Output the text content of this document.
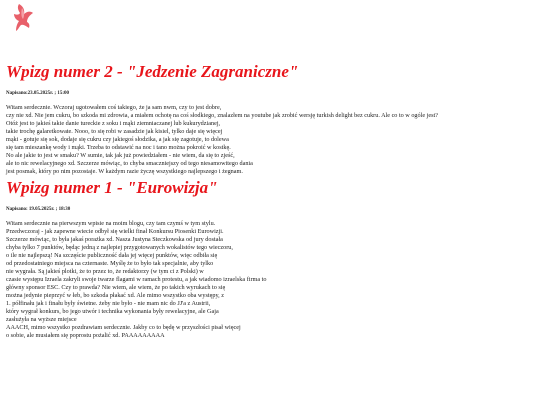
Wpizg numer 2 - "Jedzenie Zagraniczne"

Napisano:23.05.2025r. ; 15:00

Witam serdecznie. Wczoraj ugotowałem coś takiego, że ja sam nwm, czy to jest dobre,
czy nie xd. Nie jem cukru, bo szkoda mi zdrowia, a miałem ochotę na coś słodkiego, znalazłem na youtube jak zrobić wersję turkish delight bez cukru. Ale co to w ogóle jest?
Otóż jest to jakieś takie danie tureckie z soku i mąki ziemniaczanej lub kukurydzianej,
takie trochę galaretkowate. Nooo, to się robi w zasadzie jak kisiel, tylko daje się więcej
mąki - gotuje się sok, dodaje się cukru czy jakiegoś słodzika, a jak się zagotuje, to dolewa
się tam mieszankę wody i mąki. Trzeba to odstawić na noc i tano można pokroić w kostkę.
No ale jakie to jest w smaku? W sumie, tak jak już powiedziałem - nie wiem, da się to zjeść,
ale to nic rewelacyjnego xd. Szczerze mówiąc, to chyba smaczniejszy od tego niesamowitego dania
jest posmak, który po nim pozostaje. W każdym razie życzę wszystkiego najlepszego i żegnam.
Wpizg numer 1 - "Eurowizja"

Napisano: 19.05.2025r. ; 18:30

Witam serdecznie na pierwszym wpisie na moim blogu, czy tam czymś w tym stylu.
Przedwczoraj - jak zapewne wiecie odbył się wielki finał Konkursu Piosenki Eurowizji.
Szczerze mówiąc, to była jakaś porażka xd. Nasza Justyna Steczkowska od jury dostała
chyba tylko 7 punktów, będąc jedną z najlepiej przygotowanych wokalistów tego wieczoru,
o ile nie najlepszą! Na szczęście publiczność dała jej więcej punktów, więc odbiła się
od przedostatniego miejsca na czternaste. Myślę że to było tak specjalnie, aby tylko
nie wygrała. Są jakieś plotki, że to przez to, że redaktorzy (w tym ci z Polski) w
czasie występu Izraela zakryli swoje twarze flagami w ramach protestu, a jak wiadomo izraelska firma to
główny sponsor ESC. Czy to prawda? Nie wiem, ale wiem, że po takich wyrukach to się
można jedynie pieprzyć w łeb, bo szkoda płakać xd. Ale mimo wszystko oba występy, z
1. półfinału jak i finału były świetne. żeby nie było - nie mam nic do JJ'a z Austrii,
który wygrał konkurs, bo jego utwór i technika wykonania były rewelacyjne, ale Gaja
zasłużyła na wyższe miejsce
AAACH, mimo wszystko pozdrawiam serdecznie. Jakby co to będę w przyszłości pisał więcej
o sobie, ale musiałem się poprostu pożalić xd. PAAAAAAAAA
